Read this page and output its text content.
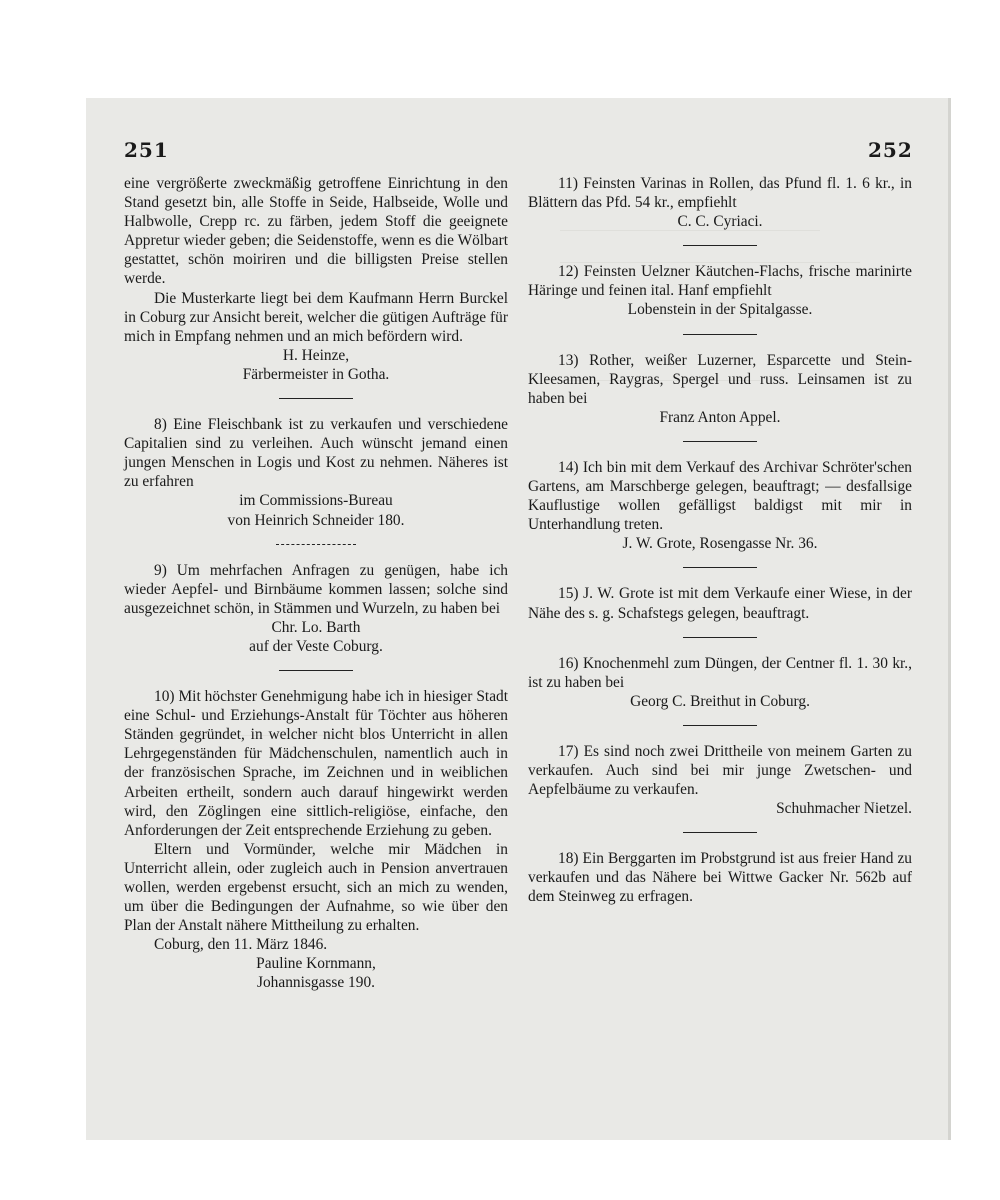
251	252

eine vergrößerte zweckmäßig getroffene Einrichtung in den Stand gesetzt bin, alle Stoffe in Seide, Halbseide, Wolle und Halbwolle, Crepp rc. zu färben, jedem Stoff die geeignete Appretur wieder geben; die Seidenstoffe, wenn es die Wölbart gestattet, schön moiriren und die billigsten Preise stellen werde.

Die Musterkarte liegt bei dem Kaufmann Herrn Burckel in Coburg zur Ansicht bereit, welcher die gütigen Aufträge für mich in Empfang nehmen und an mich befördern wird.

H. Heinze,
Färbermeister in Gotha.

8) Eine Fleischbank ist zu verkaufen und verschiedene Capitalien sind zu verleihen. Auch wünscht jemand einen jungen Menschen in Logis und Kost zu nehmen. Näheres ist zu erfahren

im Commissions-Bureau
von Heinrich Schneider 180.

9) Um mehrfachen Anfragen zu genügen, habe ich wieder Aepfel- und Birnbäume kommen lassen; solche sind ausgezeichnet schön, in Stämmen und Wurzeln, zu haben bei

Chr. Lo. Barth
auf der Veste Coburg.

10) Mit höchster Genehmigung habe ich in hiesiger Stadt eine Schul- und Erziehungs-Anstalt für Töchter aus höheren Ständen gegründet, in welcher nicht blos Unterricht in allen Lehrgegenständen für Mädchenschulen, namentlich auch in der französischen Sprache, im Zeichnen und in weiblichen Arbeiten ertheilt, sondern auch darauf hingewirkt werden wird, den Zöglingen eine sittlich-religiöse, einfache, den Anforderungen der Zeit entsprechende Erziehung zu geben.

Eltern und Vormünder, welche mir Mädchen in Unterricht allein, oder zugleich auch in Pension anvertrauen wollen, werden ergebenst ersucht, sich an mich zu wenden, um über die Bedingungen der Aufnahme, so wie über den Plan der Anstalt nähere Mittheilung zu erhalten.

Coburg, den 11. März 1846.

Pauline Kornmann,
Johannisgasse 190.

11) Feinsten Varinas in Rollen, das Pfund fl. 1. 6 kr., in Blättern das Pfd. 54 kr., empfiehlt

C. C. Cyriaci.

12) Feinsten Uelzner Käutchen-Flachs, frische marinirte Häringe und feinen ital. Hanf empfiehlt

Lobenstein in der Spitalgasse.

13) Rother, weißer Luzerner, Esparcette und Stein-Kleesamen, Raygras, Spergel und russ. Leinsamen ist zu haben bei

Franz Anton Appel.

14) Ich bin mit dem Verkauf des Archivar Schröter'schen Gartens, am Marschberge gelegen, beauftragt; — desfallsige Kauflustige wollen gefälligst baldigst mit mir in Unterhandlung treten.

J. W. Grote, Rosengasse Nr. 36.

15) J. W. Grote ist mit dem Verkaufe einer Wiese, in der Nähe des s. g. Schafstegs gelegen, beauftragt.

16) Knochenmehl zum Düngen, der Centner fl. 1. 30 kr., ist zu haben bei

Georg C. Breithut in Coburg.

17) Es sind noch zwei Drittheile von meinem Garten zu verkaufen. Auch sind bei mir junge Zwetschen- und Aepfelbäume zu verkaufen.

Schuhmacher Nietzel.

18) Ein Berggarten im Probstgrund ist aus freier Hand zu verkaufen und das Nähere bei Wittwe Gacker Nr. 562b auf dem Steinweg zu erfragen.
